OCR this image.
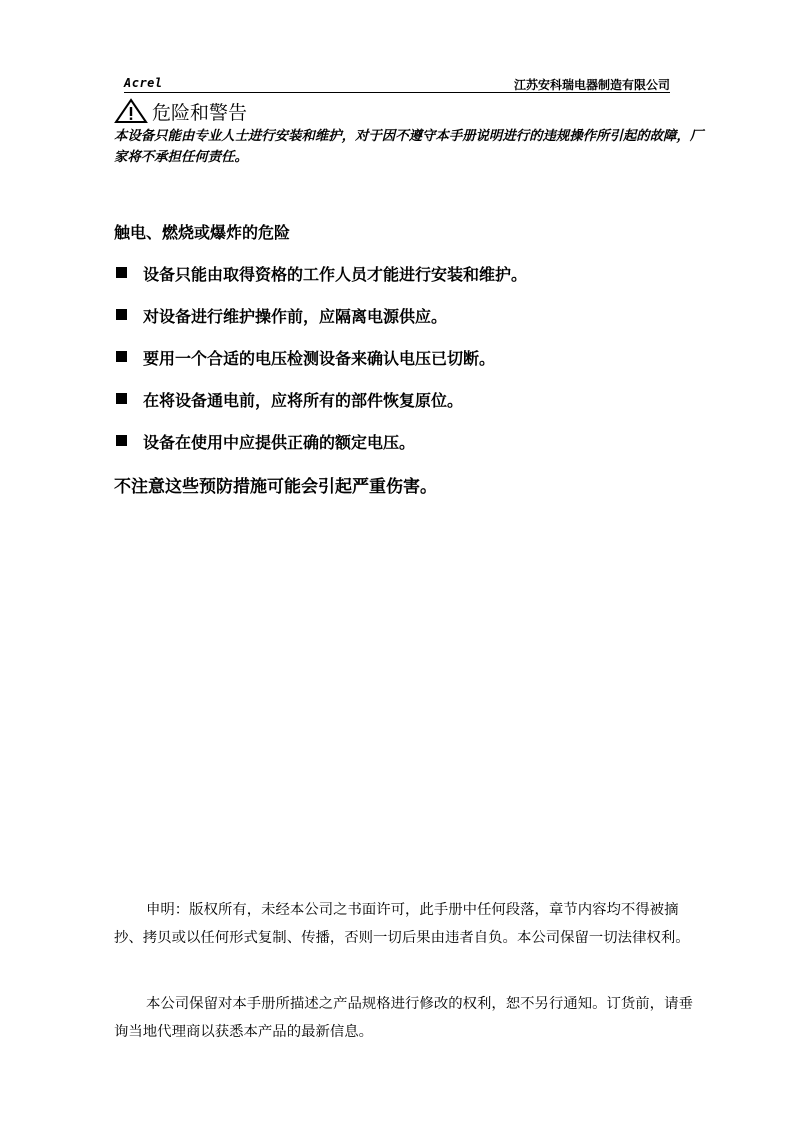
Acrel	江苏安科瑞电器制造有限公司
危险和警告
本设备只能由专业人士进行安装和维护，对于因不遵守本手册说明进行的违规操作所引起的故障，厂家将不承担任何责任。
触电、燃烧或爆炸的危险
设备只能由取得资格的工作人员才能进行安装和维护。
对设备进行维护操作前，应隔离电源供应。
要用一个合适的电压检测设备来确认电压已切断。
在将设备通电前，应将所有的部件恢复原位。
设备在使用中应提供正确的额定电压。
不注意这些预防措施可能会引起严重伤害。

申明：版权所有，未经本公司之书面许可，此手册中任何段落，章节内容均不得被摘抄、拷贝或以任何形式复制、传播，否则一切后果由违者自负。本公司保留一切法律权利。

本公司保留对本手册所描述之产品规格进行修改的权利，恕不另行通知。订货前，请垂询当地代理商以获悉本产品的最新信息。
